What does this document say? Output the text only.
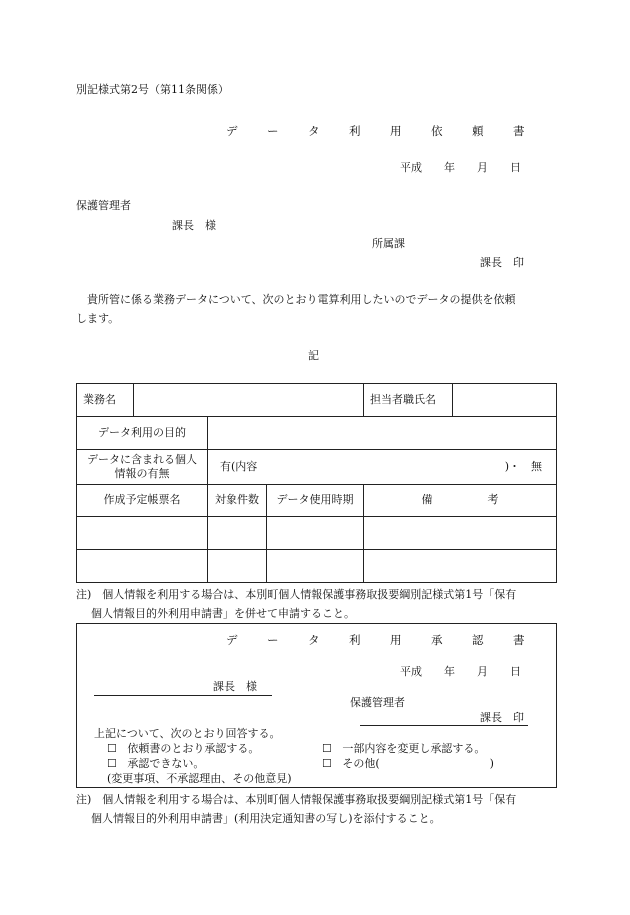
別記様式第2号（第11条関係）
デ　ー　タ　利　用　依　頼　書
平成　　年　　月　　日
保護管理者
課長　様
所属課
課長　印
　貴所管に係る業務データについて、次のとおり電算利用したいのでデータの提供を依頼
します。
記
業務名				担当者職氏名	
データ利用の目的					
データに含まれる個人
情報の有無		有(内容 )・　無			

作成予定帳票名		対象件数	データ使用時期	備　　　　　考	

注)　個人情報を利用する場合は、本別町個人情報保護事務取扱要綱別記様式第1号「保有
個人情報目的外利用申請書」を併せて申請すること。
デ　ー　タ　利　用　承　認　書
平成　　年　　月　　日
課長　様
保護管理者
課長　印
上記について、次のとおり回答する。
☐ 依頼書のとおり承認する。	☐ 一部内容を変更し承認する。
☐ 承認できない。	☐ その他(　　　　　　　　　　)
(変更事項、不承認理由、その他意見)
注)　個人情報を利用する場合は、本別町個人情報保護事務取扱要綱別記様式第1号「保有
個人情報目的外利用申請書」(利用決定通知書の写し)を添付すること。
